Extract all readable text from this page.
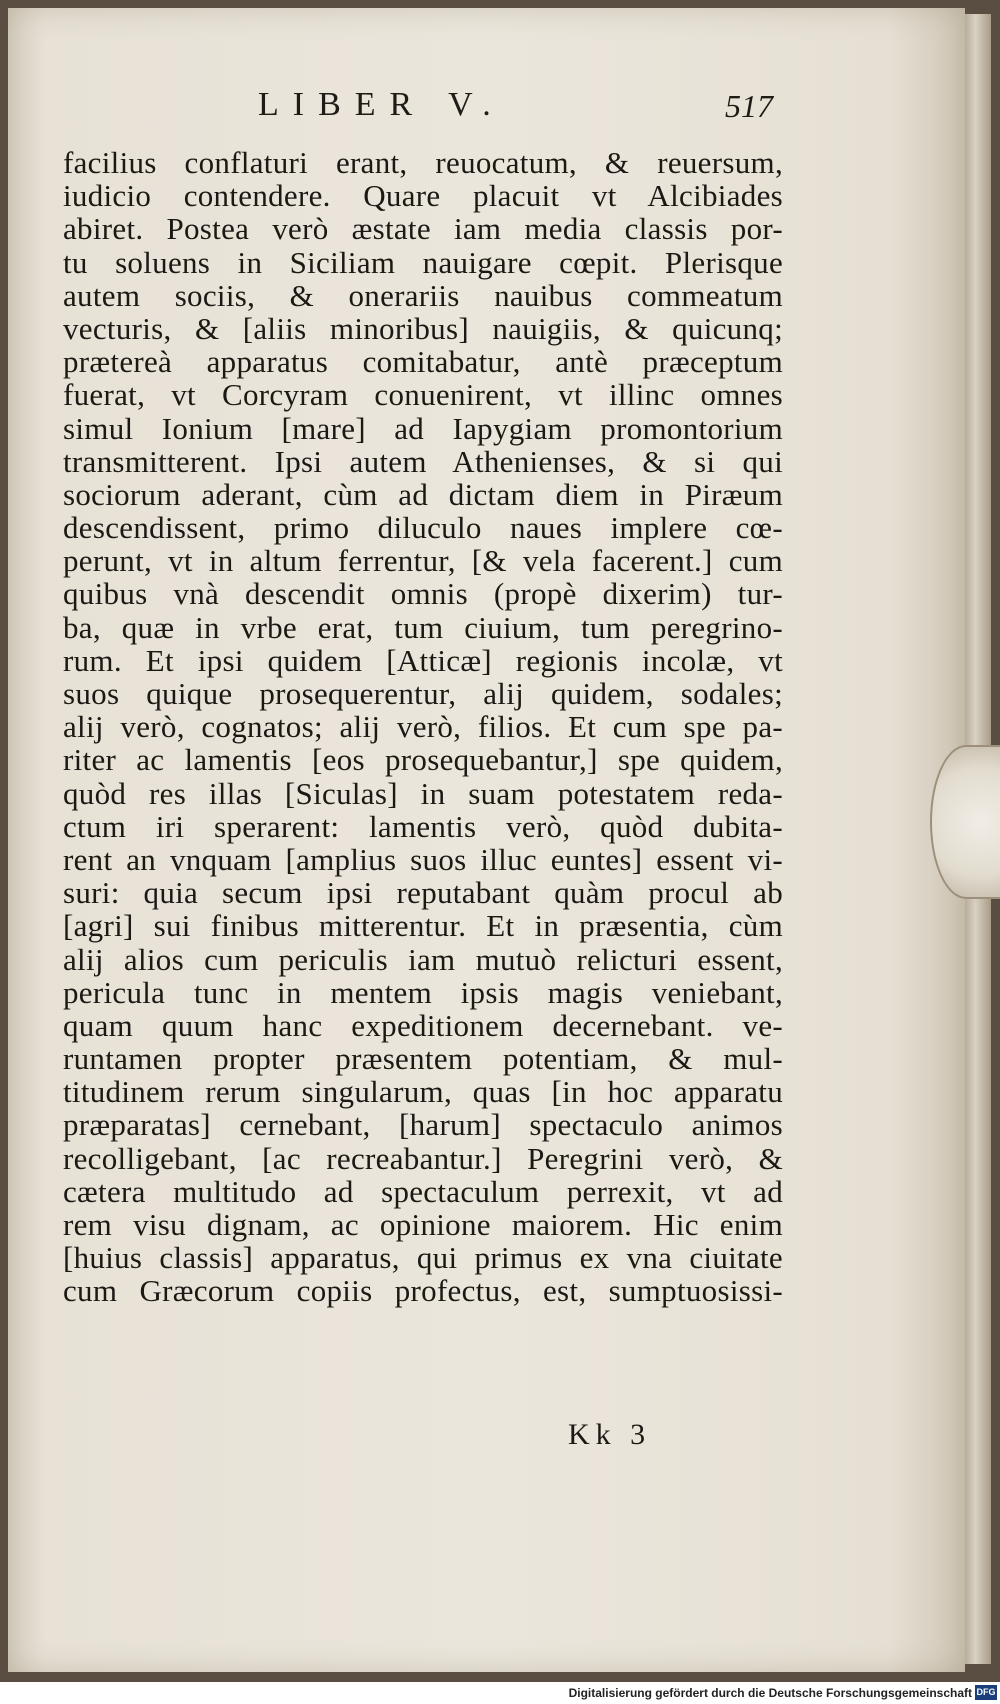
LIBER V.	517
facilius conflaturi erant, reuocatum, & reuersum,
iudicio contendere. Quare placuit vt Alcibiades
abiret. Postea verò æstate iam media classis por-
tu soluens in Siciliam nauigare cœpit. Plerisque
autem sociis, & onerariis nauibus commeatum
vecturis, & [aliis minoribus] nauigiis, & quicunq;
prætereà apparatus comitabatur, antè præceptum
fuerat, vt Corcyram conuenirent, vt illinc omnes
simul Ionium [mare] ad Iapygiam promontorium
transmitterent. Ipsi autem Athenienses, & si qui
sociorum aderant, cùm ad dictam diem in Piræum
descendissent, primo diluculo naues implere cœ-
perunt, vt in altum ferrentur, [& vela facerent.] cum
quibus vnà descendit omnis (propè dixerim) tur-
ba, quæ in vrbe erat, tum ciuium, tum peregrino-
rum. Et ipsi quidem [Atticæ] regionis incolæ, vt
suos quique prosequerentur, alij quidem, sodales;
alij verò, cognatos; alij verò, filios. Et cum spe pa-
riter ac lamentis [eos prosequebantur,] spe quidem,
quòd res illas [Siculas] in suam potestatem reda-
ctum iri sperarent: lamentis verò, quòd dubita-
rent an vnquam [amplius suos illuc euntes] essent vi-
suri: quia secum ipsi reputabant quàm procul ab
[agri] sui finibus mitterentur. Et in præsentia, cùm
alij alios cum periculis iam mutuò relicturi essent,
pericula tunc in mentem ipsis magis veniebant,
quam quum hanc expeditionem decernebant. ve-
runtamen propter præsentem potentiam, & mul-
titudinem rerum singularum, quas [in hoc apparatu
præparatas] cernebant, [harum] spectaculo animos
recolligebant, [ac recreabantur.] Peregrini verò, &
cætera multitudo ad spectaculum perrexit, vt ad
rem visu dignam, ac opinione maiorem. Hic enim
[huius classis] apparatus, qui primus ex vna ciuitate
cum Græcorum copiis profectus, est, sumptuosissi-
Kk 3
Digitalisierung gefördert durch die Deutsche Forschungsgemeinschaft DFG
